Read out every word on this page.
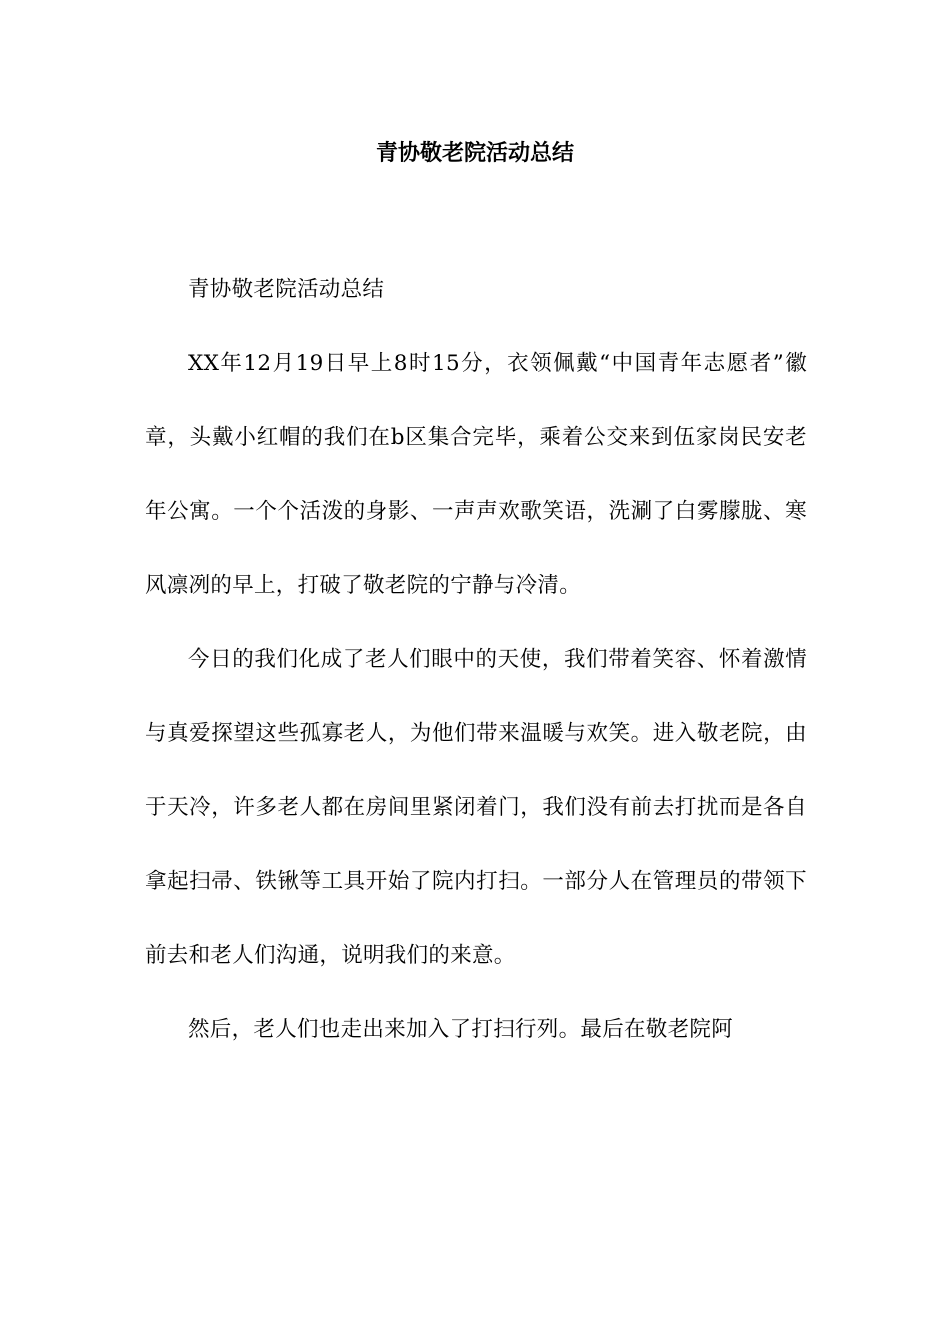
青协敬老院活动总结

青协敬老院活动总结

XX年12月19日早上8时15分，衣领佩戴“中国青年志愿者”徽章，头戴小红帽的我们在b区集合完毕，乘着公交来到伍家岗民安老年公寓。一个个活泼的身影、一声声欢歌笑语，洗涮了白雾朦胧、寒风凛冽的早上，打破了敬老院的宁静与冷清。

今日的我们化成了老人们眼中的天使，我们带着笑容、怀着激情与真爱探望这些孤寡老人，为他们带来温暖与欢笑。进入敬老院，由于天冷，许多老人都在房间里紧闭着门，我们没有前去打扰而是各自拿起扫帚、铁锹等工具开始了院内打扫。一部分人在管理员的带领下前去和老人们沟通，说明我们的来意。

然后，老人们也走出来加入了打扫行列。最后在敬老院阿
